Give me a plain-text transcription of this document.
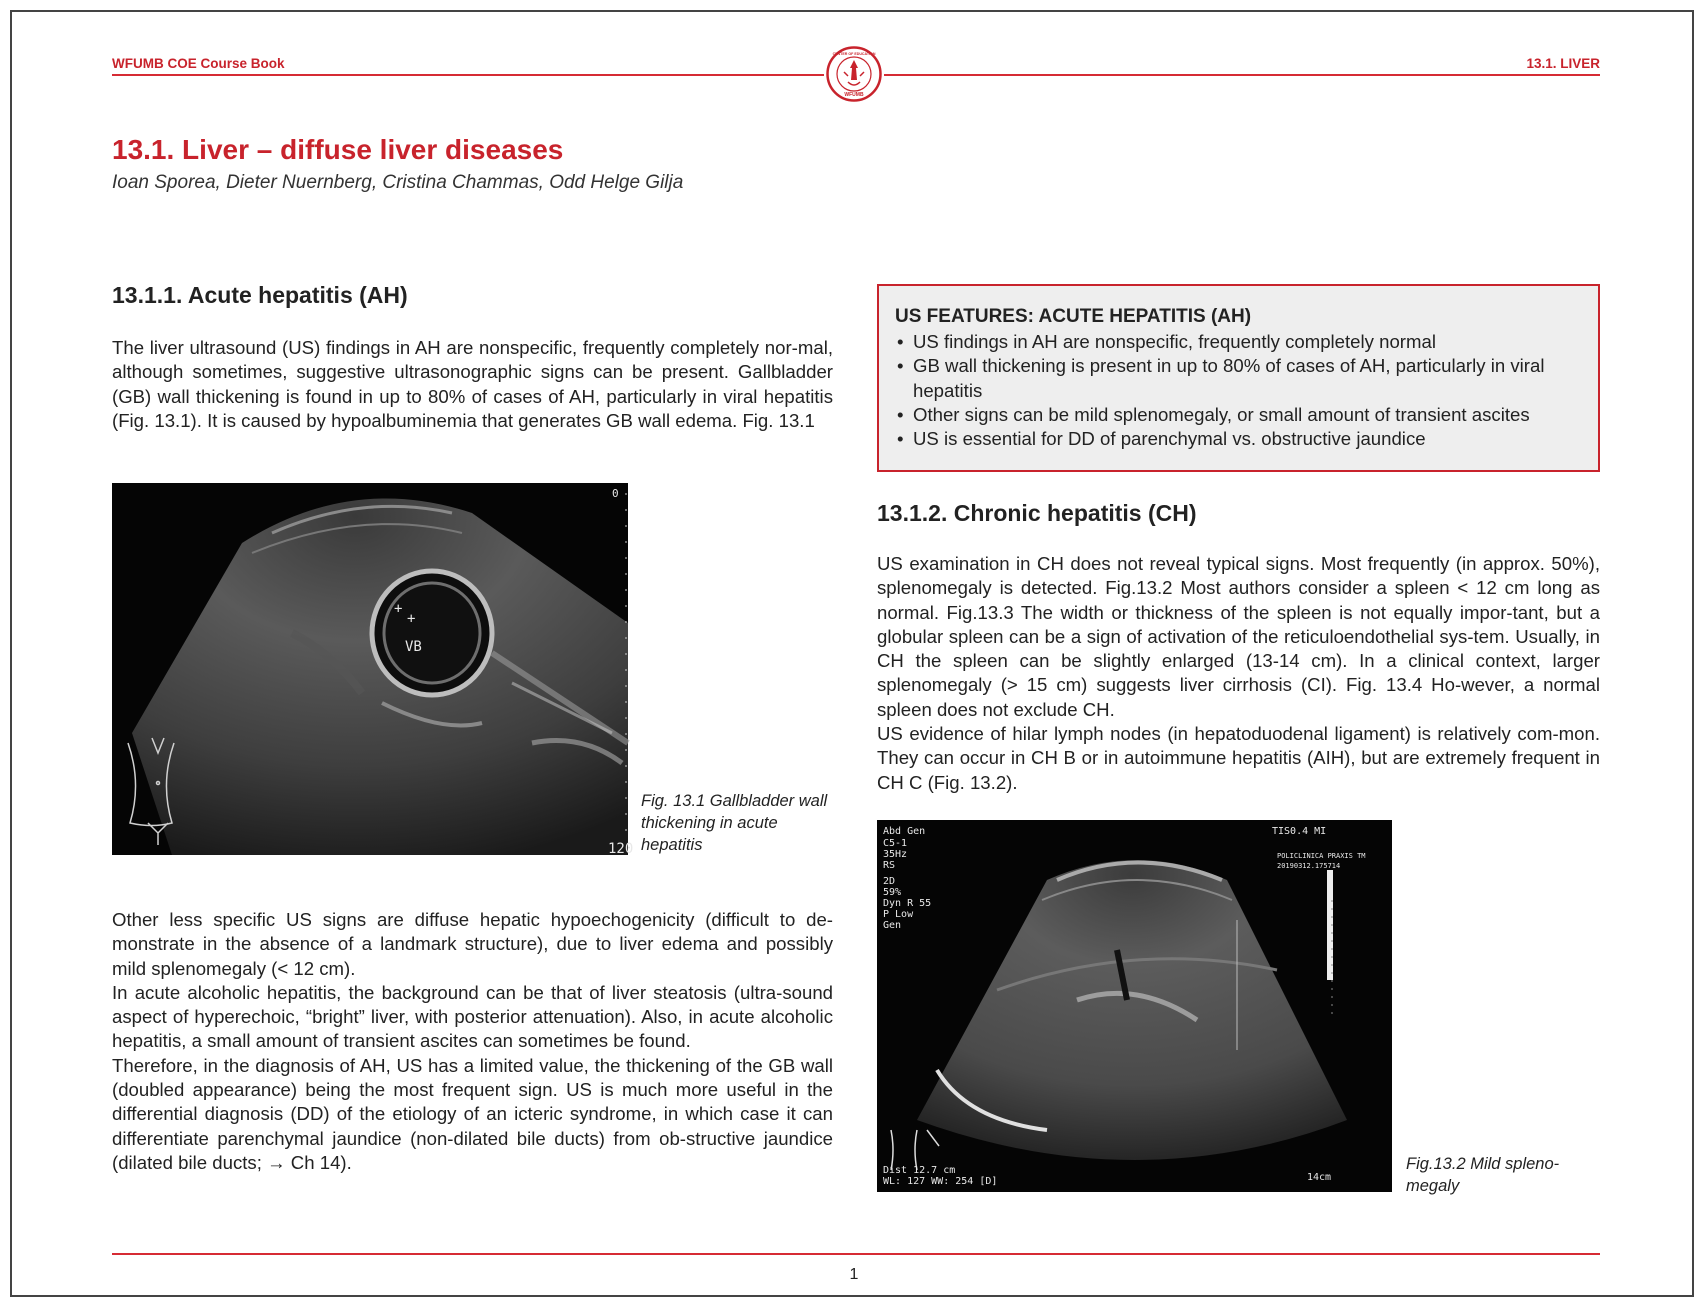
WFUMB COE Course Book	13.1. LIVER
WFUMB
CENTER OF EDUCATION
13.1. Liver – diffuse liver diseases
Ioan Sporea, Dieter Nuernberg, Cristina Chammas, Odd Helge Gilja
13.1.1. Acute hepatitis (AH)

The liver ultrasound (US) findings in AH are nonspecific, frequently completely nor-mal, although sometimes, suggestive ultrasonographic signs can be present. Gallbladder (GB) wall thickening is found in up to 80% of cases of AH, particularly in viral hepatitis (Fig. 13.1). It is caused by hypoalbuminemia that generates GB wall edema. Fig. 13.1

VB
+
+
120
0
Fig. 13.1 Gallbladder wall thickening in acute hepatitis

Other less specific US signs are diffuse hepatic hypoechogenicity (difficult to de-monstrate in the absence of a landmark structure), due to liver edema and possibly mild splenomegaly (< 12 cm).

In acute alcoholic hepatitis, the background can be that of liver steatosis (ultra-sound aspect of hyperechoic, “bright” liver, with posterior attenuation). Also, in acute alcoholic hepatitis, a small amount of transient ascites can sometimes be found.

Therefore, in the diagnosis of AH, US has a limited value, the thickening of the GB wall (doubled appearance) being the most frequent sign. US is much more useful in the differential diagnosis (DD) of the etiology of an icteric syndrome, in which case it can differentiate parenchymal jaundice (non-dilated bile ducts) from ob-structive jaundice (dilated bile ducts; → Ch 14).

US FEATURES: ACUTE HEPATITIS (AH)
• US findings in AH are nonspecific, frequently completely normal
• GB wall thickening is present in up to 80% of cases of AH, particularly in viral hepatitis
• Other signs can be mild splenomegaly, or small amount of transient ascites
• US is essential for DD of parenchymal vs. obstructive jaundice
13.1.2. Chronic hepatitis (CH)

US examination in CH does not reveal typical signs. Most frequently (in approx. 50%), splenomegaly is detected. Fig.13.2 Most authors consider a spleen < 12 cm long as normal. Fig.13.3 The width or thickness of the spleen is not equally impor-tant, but a globular spleen can be a sign of activation of the reticuloendothelial sys-tem. Usually, in CH the spleen can be slightly enlarged (13-14 cm). In a clinical context, larger splenomegaly (> 15 cm) suggests liver cirrhosis (CI). Fig. 13.4 Ho-wever, a normal spleen does not exclude CH.

US evidence of hilar lymph nodes (in hepatoduodenal ligament) is relatively com-mon. They can occur in CH B or in autoimmune hepatitis (AIH), but are extremely frequent in CH C (Fig. 13.2).

Abd Gen
C5-1
35Hz
RS
2D
59%
Dyn R 55
P Low
Gen
TIS0.4 MI
POLICLINICA PRAXIS TM
20190312.175714
Dist 12.7 cm
WL: 127 WW: 254 [D]	14cm
Fig.13.2 Mild spleno-megaly
1
